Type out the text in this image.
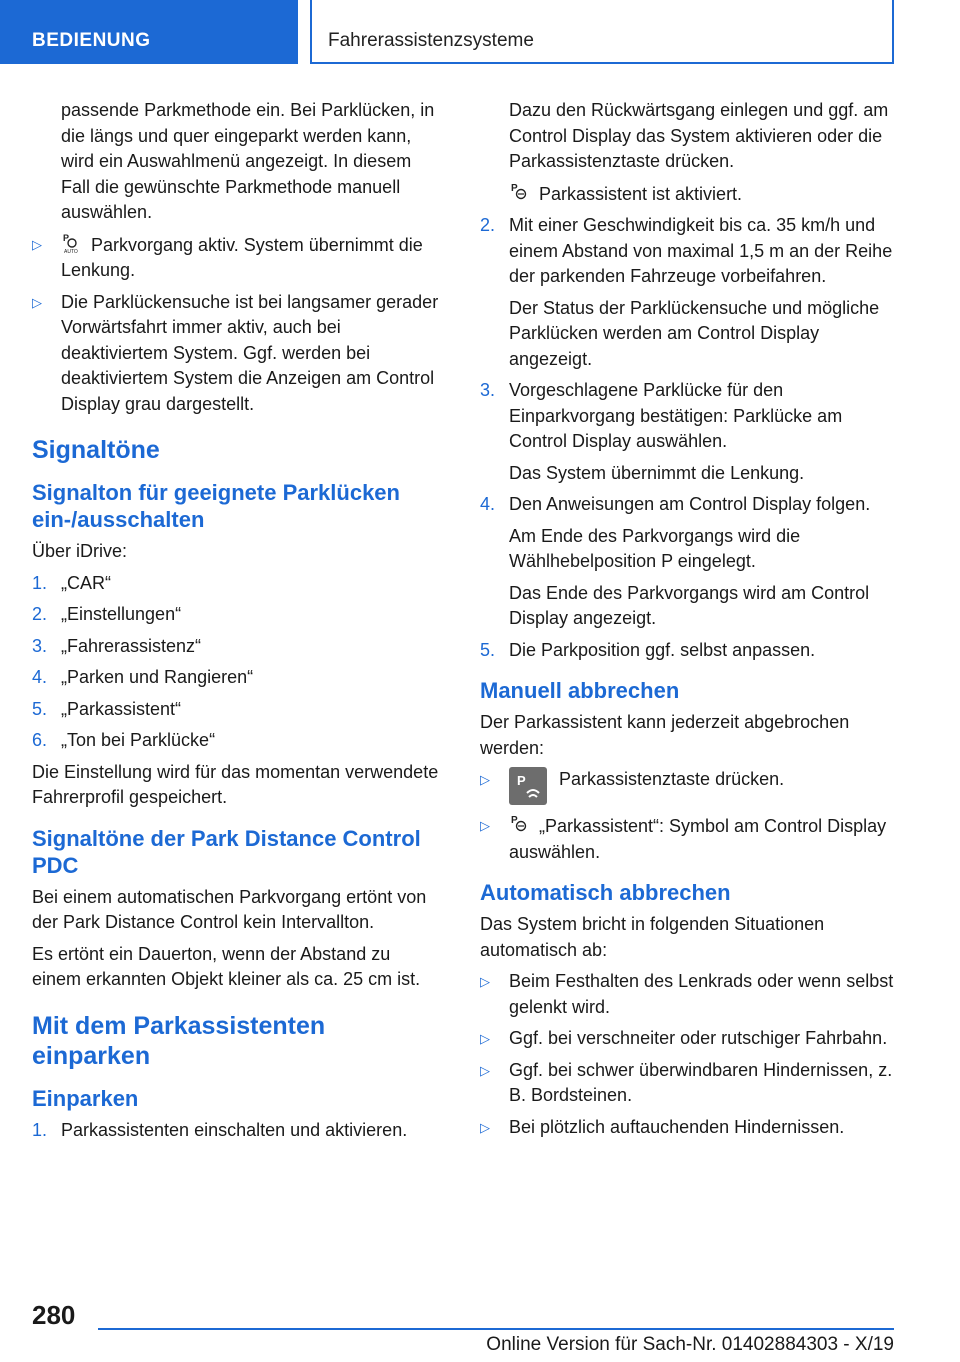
BEDIENUNG	Fahrerassistenzsysteme

passende Parkmethode ein. Bei Parklücken, in die längs und quer eingeparkt werden kann, wird ein Auswahlmenü angezeigt. In diesem Fall die gewünschte Parkmethode manuell auswählen.

▷ P
AUTO Parkvorgang aktiv. System übernimmt die Lenkung.
▷ Die Parklückensuche ist bei langsamer gerader Vorwärtsfahrt immer aktiv, auch bei deaktiviertem System. Ggf. werden bei deaktiviertem System die Anzeigen am Control Display grau dargestellt.
Signaltöne
Signalton für geeignete Parklücken ein-/ausschalten

Über iDrive:

1. „CAR“
2. „Einstellungen“
3. „Fahrerassistenz“
4. „Parken und Rangieren“
5. „Parkassistent“
6. „Ton bei Parklücke“

Die Einstellung wird für das momentan verwendete Fahrerprofil gespeichert.

Signaltöne der Park Distance Control PDC

Bei einem automatischen Parkvorgang ertönt von der Park Distance Control kein Intervallton.

Es ertönt ein Dauerton, wenn der Abstand zu einem erkannten Objekt kleiner als ca. 25 cm ist.

Mit dem Parkassistenten einparken
Einparken
1. Parkassistenten einschalten und aktivieren.

Dazu den Rückwärtsgang einlegen und ggf. am Control Display das System aktivieren oder die Parkassistenztaste drücken.

P Parkassistent ist aktiviert.

2. Mit einer Geschwindigkeit bis ca. 35 km/h und einem Abstand von maximal 1,5 m an der Reihe der parkenden Fahrzeuge vorbeifahren.

Der Status der Parklückensuche und mögliche Parklücken werden am Control Display angezeigt.

3. Vorgeschlagene Parklücke für den Einparkvorgang bestätigen: Parklücke am Control Display auswählen.

Das System übernimmt die Lenkung.

4. Den Anweisungen am Control Display folgen.

Am Ende des Parkvorgangs wird die Wählhebelposition P eingelegt.

Das Ende des Parkvorgangs wird am Control Display angezeigt.

5. Die Parkposition ggf. selbst anpassen.
Manuell abbrechen

Der Parkassistent kann jederzeit abgebrochen werden:

▷ P Parkassistenztaste drücken.
▷ P „Parkassistent“: Symbol am Control Display auswählen.
Automatisch abbrechen

Das System bricht in folgenden Situationen automatisch ab:

▷ Beim Festhalten des Lenkrads oder wenn selbst gelenkt wird.
▷ Ggf. bei verschneiter oder rutschiger Fahrbahn.
▷ Ggf. bei schwer überwindbaren Hindernissen, z. B. Bordsteinen.
▷ Bei plötzlich auftauchenden Hindernissen.
280
Online Version für Sach-Nr. 01402884303 - X/19
